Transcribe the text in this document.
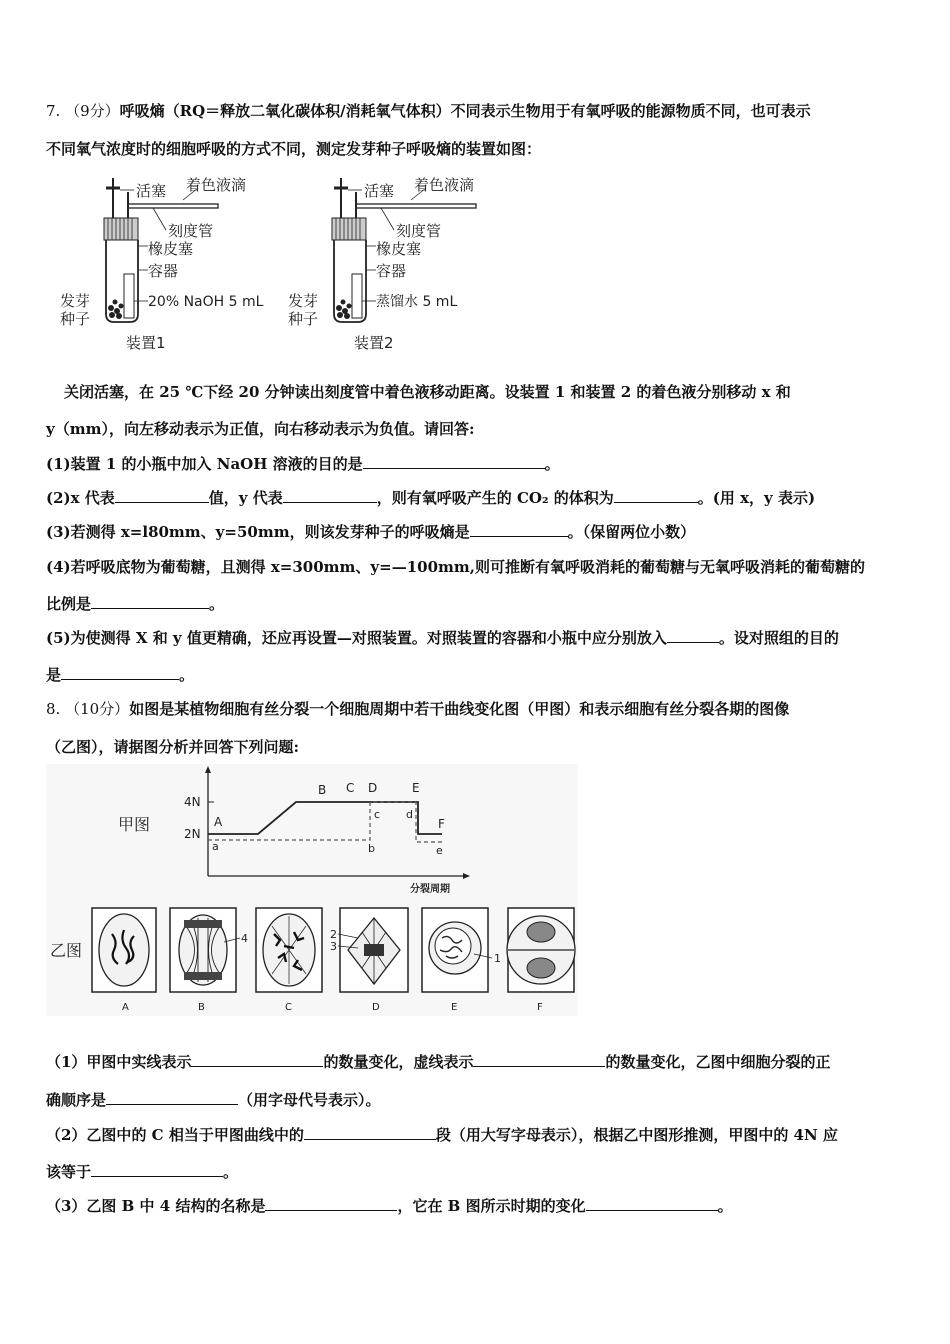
7. （9分）呼吸熵（RQ＝释放二氧化碳体积/消耗氧气体积）不同表示生物用于有氧呼吸的能源物质不同，也可表示
不同氧气浓度时的细胞呼吸的方式不同，测定发芽种子呼吸熵的装置如图：
活塞 着色液滴
刻度管
橡皮塞
容器
20% NaOH 5 mL
发芽
种子
装置1
活塞 着色液滴
刻度管
橡皮塞
容器
蒸馏水 5 mL
发芽
种子
装置2
关闭活塞，在 25 ℃下经 20 分钟读出刻度管中着色液移动距离。设装置 1 和装置 2 的着色液分别移动 x 和
y（mm），向左移动表示为正值，向右移动表示为负值。请回答:
(1)装置 1 的小瓶中加入 NaOH 溶液的目的是	。
(2)x 代表	值，y 代表	，则有氧呼吸产生的 CO₂ 的体积为	。(用 x，y 表示)
(3)若测得 x=l80mm、y=50mm，则该发芽种子的呼吸熵是	。（保留两位小数）
(4)若呼吸底物为葡萄糖，且测得 x=300mm、y=—100mm,则可推断有氧呼吸消耗的葡萄糖与无氧呼吸消耗的葡萄糖的
比例是	。
(5)为使测得 X 和 y 值更精确，还应再设置—对照装置。对照装置的容器和小瓶中应分别放入	。设对照组的目的
是	。
8. （10分）如图是某植物细胞有丝分裂一个细胞周期中若干曲线变化图（甲图）和表示细胞有丝分裂各期的图像
（乙图），请据图分析并回答下列问题:
甲图
4N
2N
A
B C D	E
F
a	b
c d
e
分裂周期
乙图
A
4
B	C
2
3
D
1
E	F
（1）甲图中实线表示	的数量变化，虚线表示	的数量变化，乙图中细胞分裂的正
确顺序是	（用字母代号表示）。
（2）乙图中的 C 相当于甲图曲线中的	段（用大写字母表示），根据乙中图形推测，甲图中的 4N 应
该等于	。
（3）乙图 B 中 4 结构的名称是	，它在 B 图所示时期的变化	。
